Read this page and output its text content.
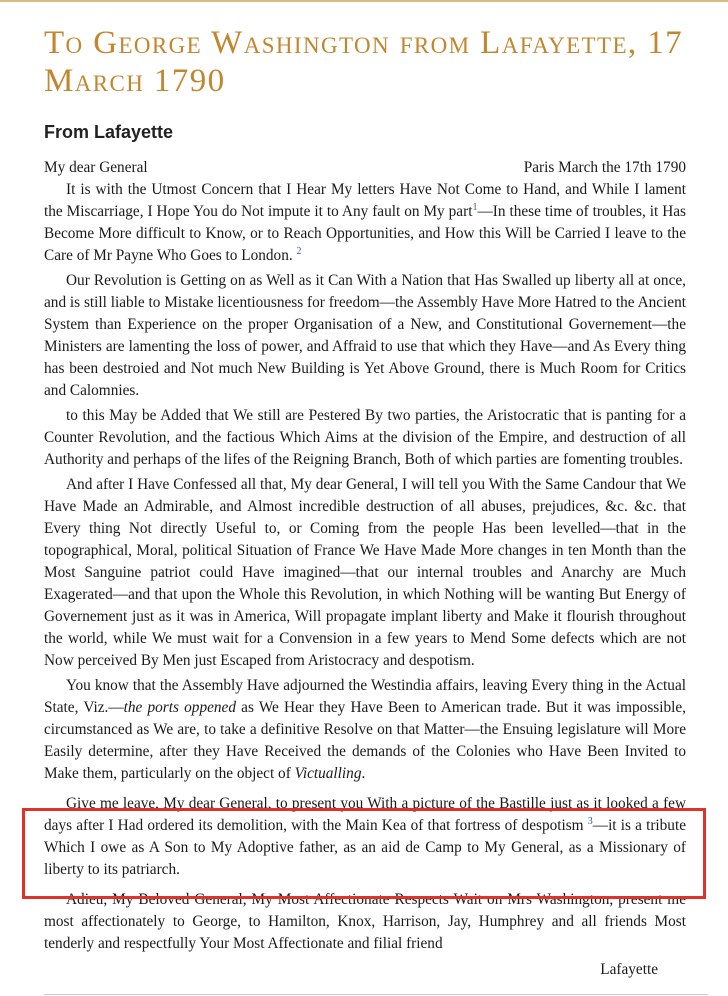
To George Washington from Lafayette, 17 March 1790
From Lafayette
My dear General	Paris March the 17th 1790

It is with the Utmost Concern that I Hear My letters Have Not Come to Hand, and While I lament the Miscarriage, I Hope You do Not impute it to Any fault on My part$^1$—In these time of troubles, it Has Become More difficult to Know, or to Reach Opportunities, and How this Will be Carried I leave to the Care of Mr Payne Who Goes to London. $^2$

Our Revolution is Getting on as Well as it Can With a Nation that Has Swalled up liberty all at once, and is still liable to Mistake licentiousness for freedom—the Assembly Have More Hatred to the Ancient System than Experience on the proper Organisation of a New, and Constitutional Governement—the Ministers are lamenting the loss of power, and Affraid to use that which they Have—and As Every thing has been destroied and Not much New Building is Yet Above Ground, there is Much Room for Critics and Calomnies.

to this May be Added that We still are Pestered By two parties, the Aristocratic that is panting for a Counter Revolution, and the factious Which Aims at the division of the Empire, and destruction of all Authority and perhaps of the lifes of the Reigning Branch, Both of which parties are fomenting troubles.

And after I Have Confessed all that, My dear General, I will tell you With the Same Candour that We Have Made an Admirable, and Almost incredible destruction of all abuses, prejudices, &c. &c. that Every thing Not directly Useful to, or Coming from the people Has been levelled—that in the topographical, Moral, political Situation of France We Have Made More changes in ten Month than the Most Sanguine patriot could Have imagined—that our internal troubles and Anarchy are Much Exagerated—and that upon the Whole this Revolution, in which Nothing will be wanting But Energy of Governement just as it was in America, Will propagate implant liberty and Make it flourish throughout the world, while We must wait for a Convension in a few years to Mend Some defects which are not Now perceived By Men just Escaped from Aristocracy and despotism.

You know that the Assembly Have adjourned the Westindia affairs, leaving Every thing in the Actual State, Viz.—the ports oppened as We Hear they Have Been to American trade. But it was impossible, circumstanced as We are, to take a definitive Resolve on that Matter—the Ensuing legislature will More Easily determine, after they Have Received the demands of the Colonies who Have Been Invited to Make them, particularly on the object of Victualling.

Give me leave, My dear General, to present you With a picture of the Bastille just as it looked a few days after I Had ordered its demolition, with the Main Kea of that fortress of despotism $^3$—it is a tribute Which I owe as A Son to My Adoptive father, as an aid de Camp to My General, as a Missionary of liberty to its patriarch.

Adieu, My Beloved General, My Most Affectionate Respects Wait on Mrs Washington, present me most affectionately to George, to Hamilton, Knox, Harrison, Jay, Humphrey and all friends Most tenderly and respectfully Your Most Affectionate and filial friend

Lafayette
